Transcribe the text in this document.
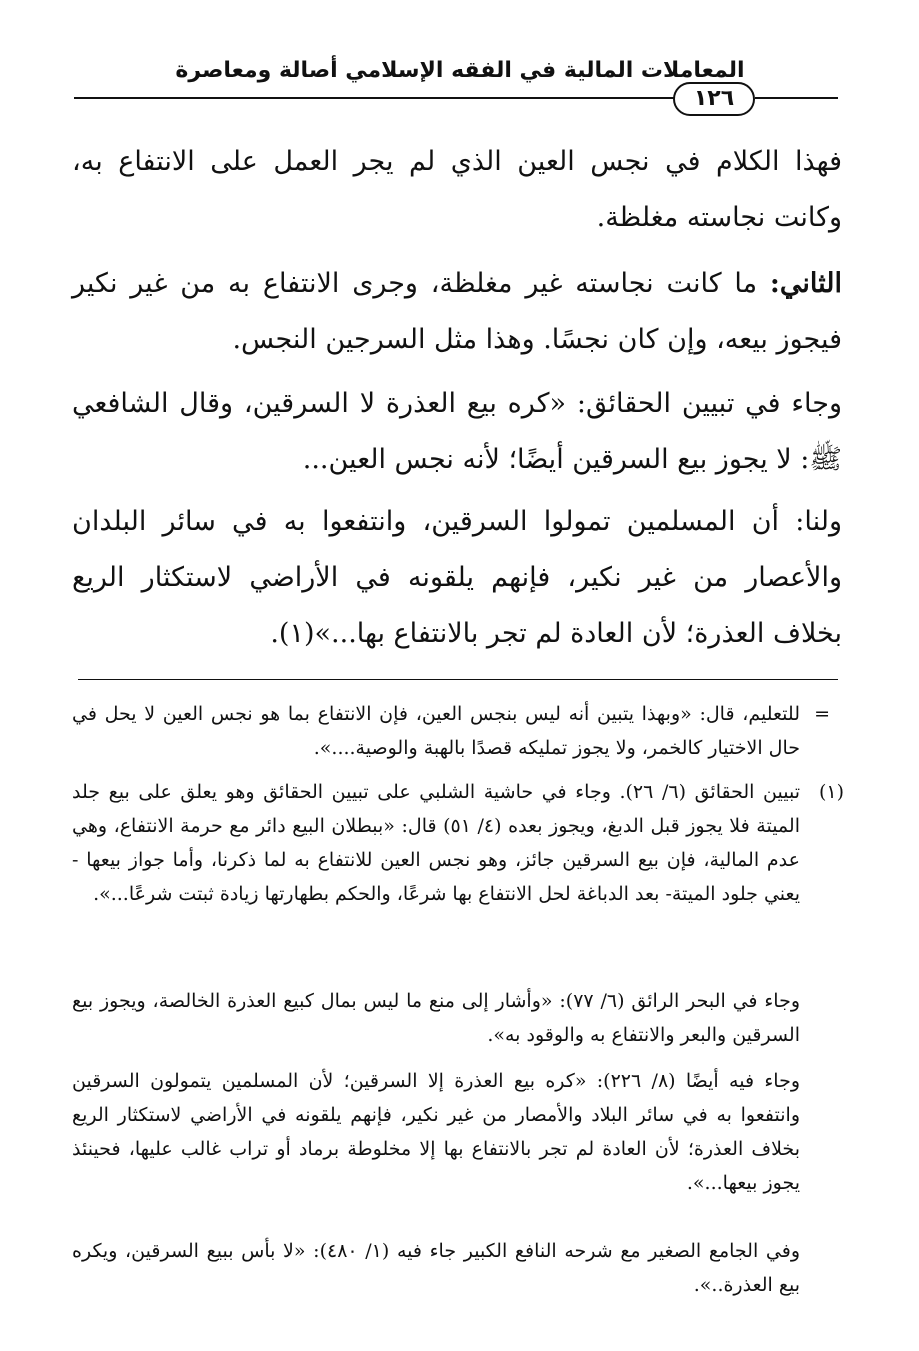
المعاملات المالية في الفقه الإسلامي أصالة ومعاصرة
١٢٦
فهذا الكلام في نجس العين الذي لم يجر العمل على الانتفاع به، وكانت نجاسته مغلظة.
الثاني: ما كانت نجاسته غير مغلظة، وجرى الانتفاع به من غير نكير فيجوز بيعه، وإن كان نجسًا. وهذا مثل السرجين النجس.
وجاء في تبيين الحقائق: «كره بيع العذرة لا السرقين، وقال الشافعي ﷺ: لا يجوز بيع السرقين أيضًا؛ لأنه نجس العين...
ولنا: أن المسلمين تمولوا السرقين، وانتفعوا به في سائر البلدان والأعصار من غير نكير، فإنهم يلقونه في الأراضي لاستكثار الريع بخلاف العذرة؛ لأن العادة لم تجر بالانتفاع بها...»(١).
=
للتعليم، قال: «وبهذا يتبين أنه ليس بنجس العين، فإن الانتفاع بما هو نجس العين لا يحل في حال الاختيار كالخمر، ولا يجوز تمليكه قصدًا بالهبة والوصية....».
(١)
تبيين الحقائق (٦/ ٢٦). وجاء في حاشية الشلبي على تبيين الحقائق وهو يعلق على بيع جلد الميتة فلا يجوز قبل الدبغ، ويجوز بعده (٤/ ٥١) قال: «ببطلان البيع دائر مع حرمة الانتفاع، وهي عدم المالية، فإن بيع السرقين جائز، وهو نجس العين للانتفاع به لما ذكرنا، وأما جواز بيعها - يعني جلود الميتة- بعد الدباغة لحل الانتفاع بها شرعًا، والحكم بطهارتها زيادة ثبتت شرعًا...».
وجاء في البحر الرائق (٦/ ٧٧): «وأشار إلى منع ما ليس بمال كبيع العذرة الخالصة، ويجوز بيع السرقين والبعر والانتفاع به والوقود به».
وجاء فيه أيضًا (٨/ ٢٢٦): «كره بيع العذرة إلا السرقين؛ لأن المسلمين يتمولون السرقين وانتفعوا به في سائر البلاد والأمصار من غير نكير، فإنهم يلقونه في الأراضي لاستكثار الريع بخلاف العذرة؛ لأن العادة لم تجر بالانتفاع بها إلا مخلوطة برماد أو تراب غالب عليها، فحينئذ يجوز بيعها...».
وفي الجامع الصغير مع شرحه النافع الكبير جاء فيه (١/ ٤٨٠): «لا بأس ببيع السرقين، ويكره بيع العذرة..».
